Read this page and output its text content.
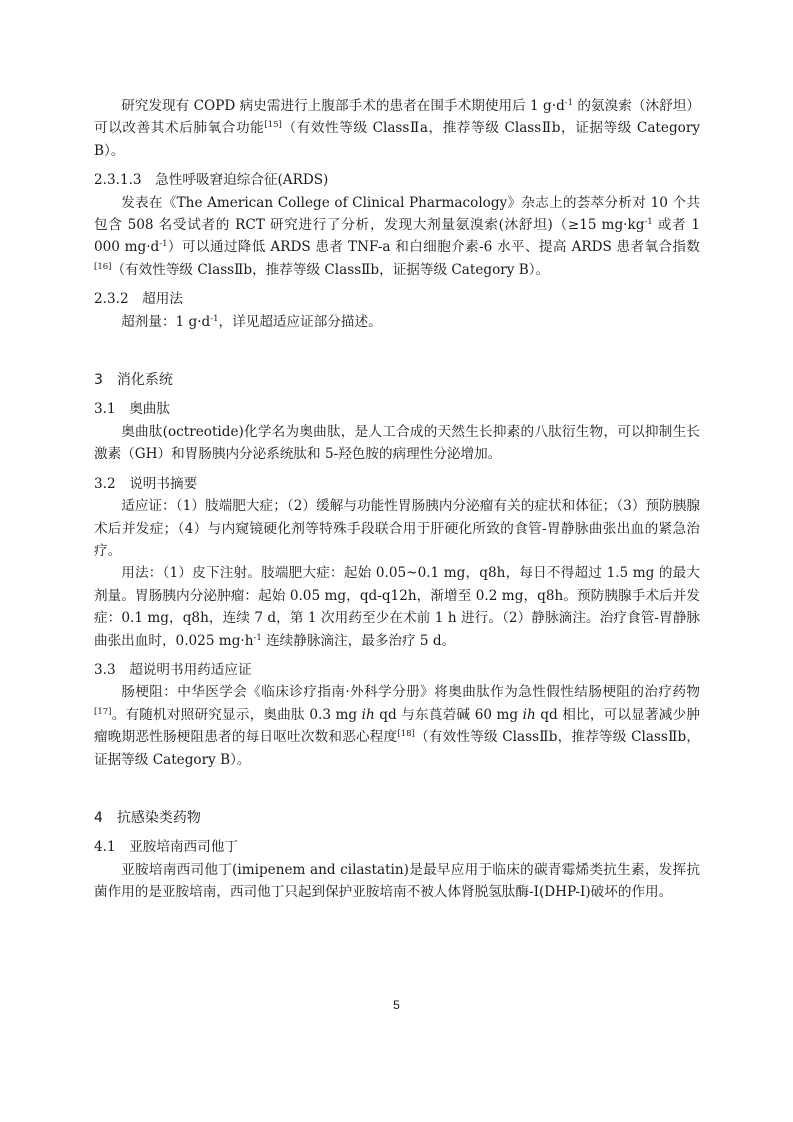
研究发现有 COPD 病史需进行上腹部手术的患者在围手术期使用后 1 $g\cdot d^{-1}$ 的氨溴索（沐舒坦）可以改善其术后肺氧合功能[15]（有效性等级 ClassⅡa，推荐等级 ClassⅡb，证据等级 Category B）。

2.3.1.3　急性呼吸窘迫综合征(ARDS)

发表在《The American College of Clinical Pharmacology》杂志上的荟萃分析对 10 个共包含 508 名受试者的 RCT 研究进行了分析，发现大剂量氨溴索(沐舒坦)（≥15 $mg\cdot kg^{-1}$ 或者 1 000 $mg\cdot d^{-1}$）可以通过降低 ARDS 患者 TNF-a 和白细胞介素-6 水平、提高 ARDS 患者氧合指数[16]（有效性等级 ClassⅡb，推荐等级 ClassⅡb，证据等级 Category B）。

2.3.2　超用法

超剂量：1 $g\cdot d^{-1}$，详见超适应证部分描述。

3　消化系统

3.1　奥曲肽

奥曲肽(octreotide)化学名为奥曲肽，是人工合成的天然生长抑素的八肽衍生物，可以抑制生长激素（GH）和胃肠胰内分泌系统肽和 5-羟色胺的病理性分泌增加。

3.2　说明书摘要

适应证：（1）肢端肥大症；（2）缓解与功能性胃肠胰内分泌瘤有关的症状和体征；（3）预防胰腺术后并发症；（4）与内窥镜硬化剂等特殊手段联合用于肝硬化所致的食管-胃静脉曲张出血的紧急治疗。

用法：（1）皮下注射。肢端肥大症：起始 0.05~0.1 mg，q8h，每日不得超过 1.5 mg 的最大剂量。胃肠胰内分泌肿瘤：起始 0.05 mg，qd-q12h，渐增至 0.2 mg，q8h。预防胰腺手术后并发症：0.1 mg，q8h，连续 7 d，第 1 次用药至少在术前 1 h 进行。（2）静脉滴注。治疗食管-胃静脉曲张出血时，0.025 $mg\cdot h^{-1}$ 连续静脉滴注，最多治疗 5 d。

3.3　超说明书用药适应证

肠梗阻：中华医学会《临床诊疗指南·外科学分册》将奥曲肽作为急性假性结肠梗阻的治疗药物[17]。有随机对照研究显示，奥曲肽 0.3 mg ih qd 与东莨菪碱 60 mg ih qd 相比，可以显著减少肿瘤晚期恶性肠梗阻患者的每日呕吐次数和恶心程度[18]（有效性等级 ClassⅡb，推荐等级 ClassⅡb，证据等级 Category B）。

4　抗感染类药物

4.1　亚胺培南西司他丁

亚胺培南西司他丁(imipenem and cilastatin)是最早应用于临床的碳青霉烯类抗生素，发挥抗菌作用的是亚胺培南，西司他丁只起到保护亚胺培南不被人体肾脱氢肽酶-I(DHP-I)破坏的作用。

5
